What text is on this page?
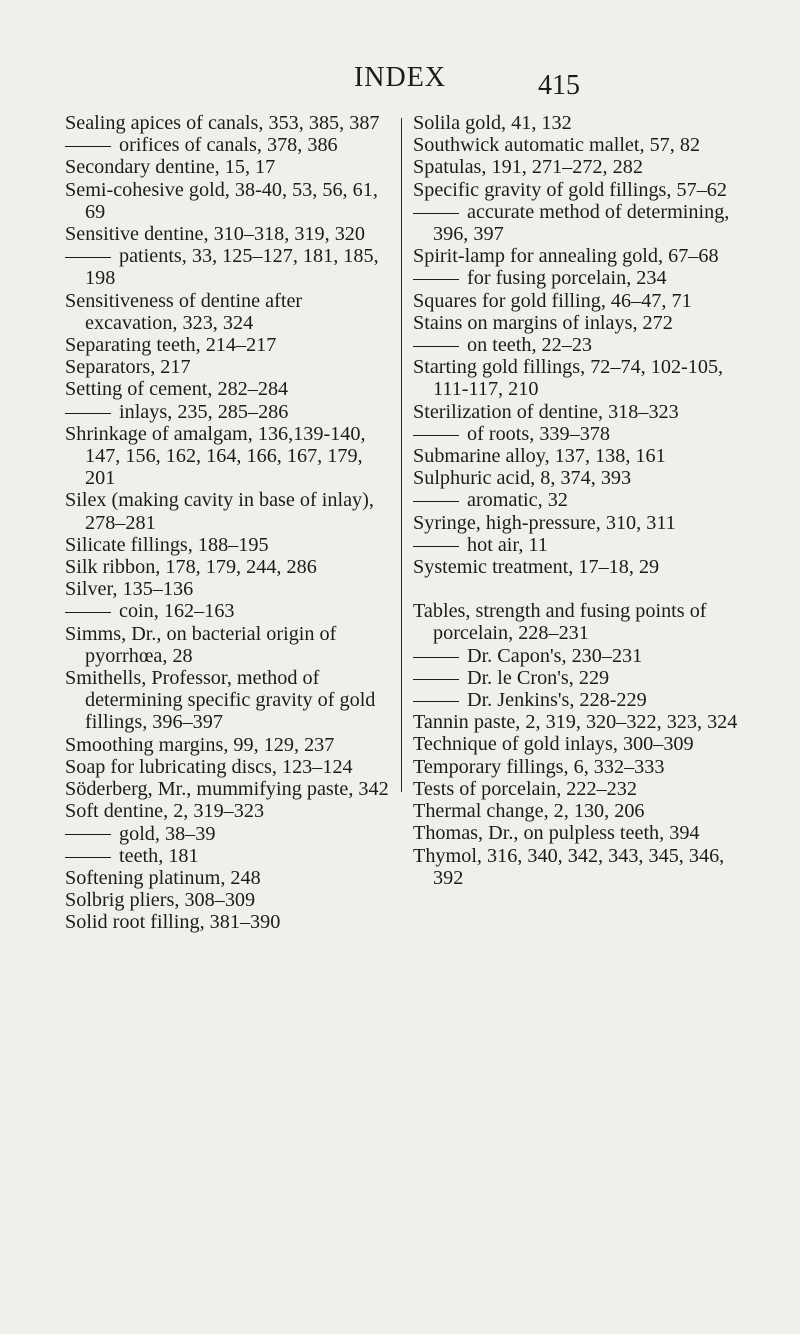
INDEX	415
Sealing apices of canals, 353, 385, 387
orifices of canals, 378, 386
Secondary dentine, 15, 17
Semi-cohesive gold, 38-40, 53, 56, 61, 69
Sensitive dentine, 310–318, 319, 320
patients, 33, 125–127, 181, 185, 198
Sensitiveness of dentine after excavation, 323, 324
Separating teeth, 214–217
Separators, 217
Setting of cement, 282–284
inlays, 235, 285–286
Shrinkage of amalgam, 136,139-140, 147, 156, 162, 164, 166, 167, 179, 201
Silex (making cavity in base of inlay), 278–281
Silicate fillings, 188–195
Silk ribbon, 178, 179, 244, 286
Silver, 135–136
coin, 162–163
Simms, Dr., on bacterial origin of pyorrhœa, 28
Smithells, Professor, method of determining specific gravity of gold fillings, 396–397
Smoothing margins, 99, 129, 237
Soap for lubricating discs, 123–124
Söderberg, Mr., mummifying paste, 342
Soft dentine, 2, 319–323
gold, 38–39
teeth, 181
Softening platinum, 248
Solbrig pliers, 308–309
Solid root filling, 381–390
Solila gold, 41, 132
Southwick automatic mallet, 57, 82
Spatulas, 191, 271–272, 282
Specific gravity of gold fillings, 57–62
accurate method of determining, 396, 397
Spirit-lamp for annealing gold, 67–68
for fusing porcelain, 234
Squares for gold filling, 46–47, 71
Stains on margins of inlays, 272
on teeth, 22–23
Starting gold fillings, 72–74, 102-105, 111-117, 210
Sterilization of dentine, 318–323
of roots, 339–378
Submarine alloy, 137, 138, 161
Sulphuric acid, 8, 374, 393
aromatic, 32
Syringe, high-pressure, 310, 311
hot air, 11
Systemic treatment, 17–18, 29
Tables, strength and fusing points of porcelain, 228–231
Dr. Capon's, 230–231
Dr. le Cron's, 229
Dr. Jenkins's, 228-229
Tannin paste, 2, 319, 320–322, 323, 324
Technique of gold inlays, 300–309
Temporary fillings, 6, 332–333
Tests of porcelain, 222–232
Thermal change, 2, 130, 206
Thomas, Dr., on pulpless teeth, 394
Thymol, 316, 340, 342, 343, 345, 346, 392
